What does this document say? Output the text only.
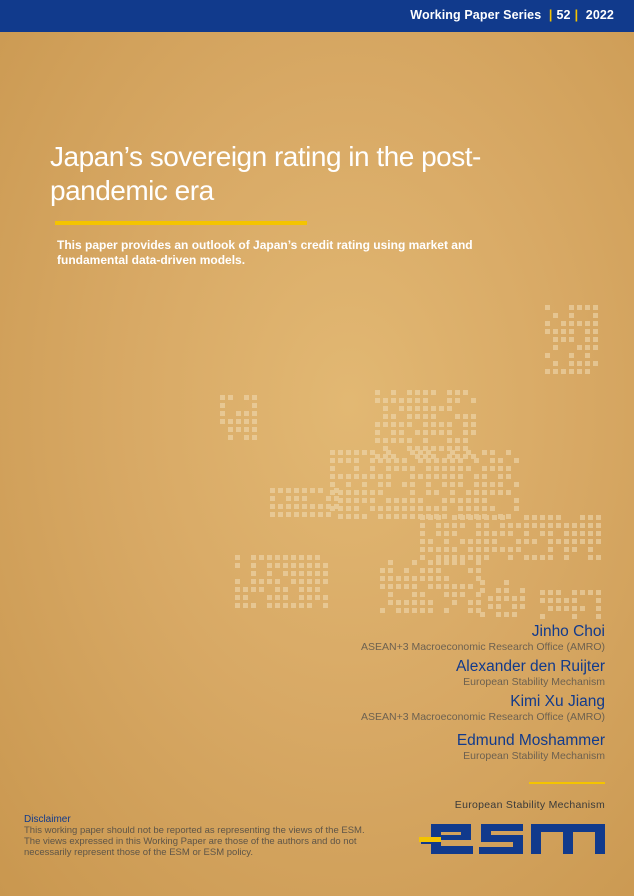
Working Paper Series | 52 | 2022
Japan’s sovereign rating in the post-pandemic era

This paper provides an outlook of Japan’s credit rating using market and fundamental data-driven models.

Jinho Choi
ASEAN+3 Macroeconomic Research Office (AMRO)
Alexander den Ruijter
European Stability Mechanism
Kimi Xu Jiang
ASEAN+3 Macroeconomic Research Office (AMRO)
Edmund Moshammer
European Stability Mechanism
Disclaimer
This working paper should not be reported as representing the views of the ESM. The views expressed in this Working Paper are those of the authors and do not necessarily represent those of the ESM or ESM policy.
European Stability Mechanism
